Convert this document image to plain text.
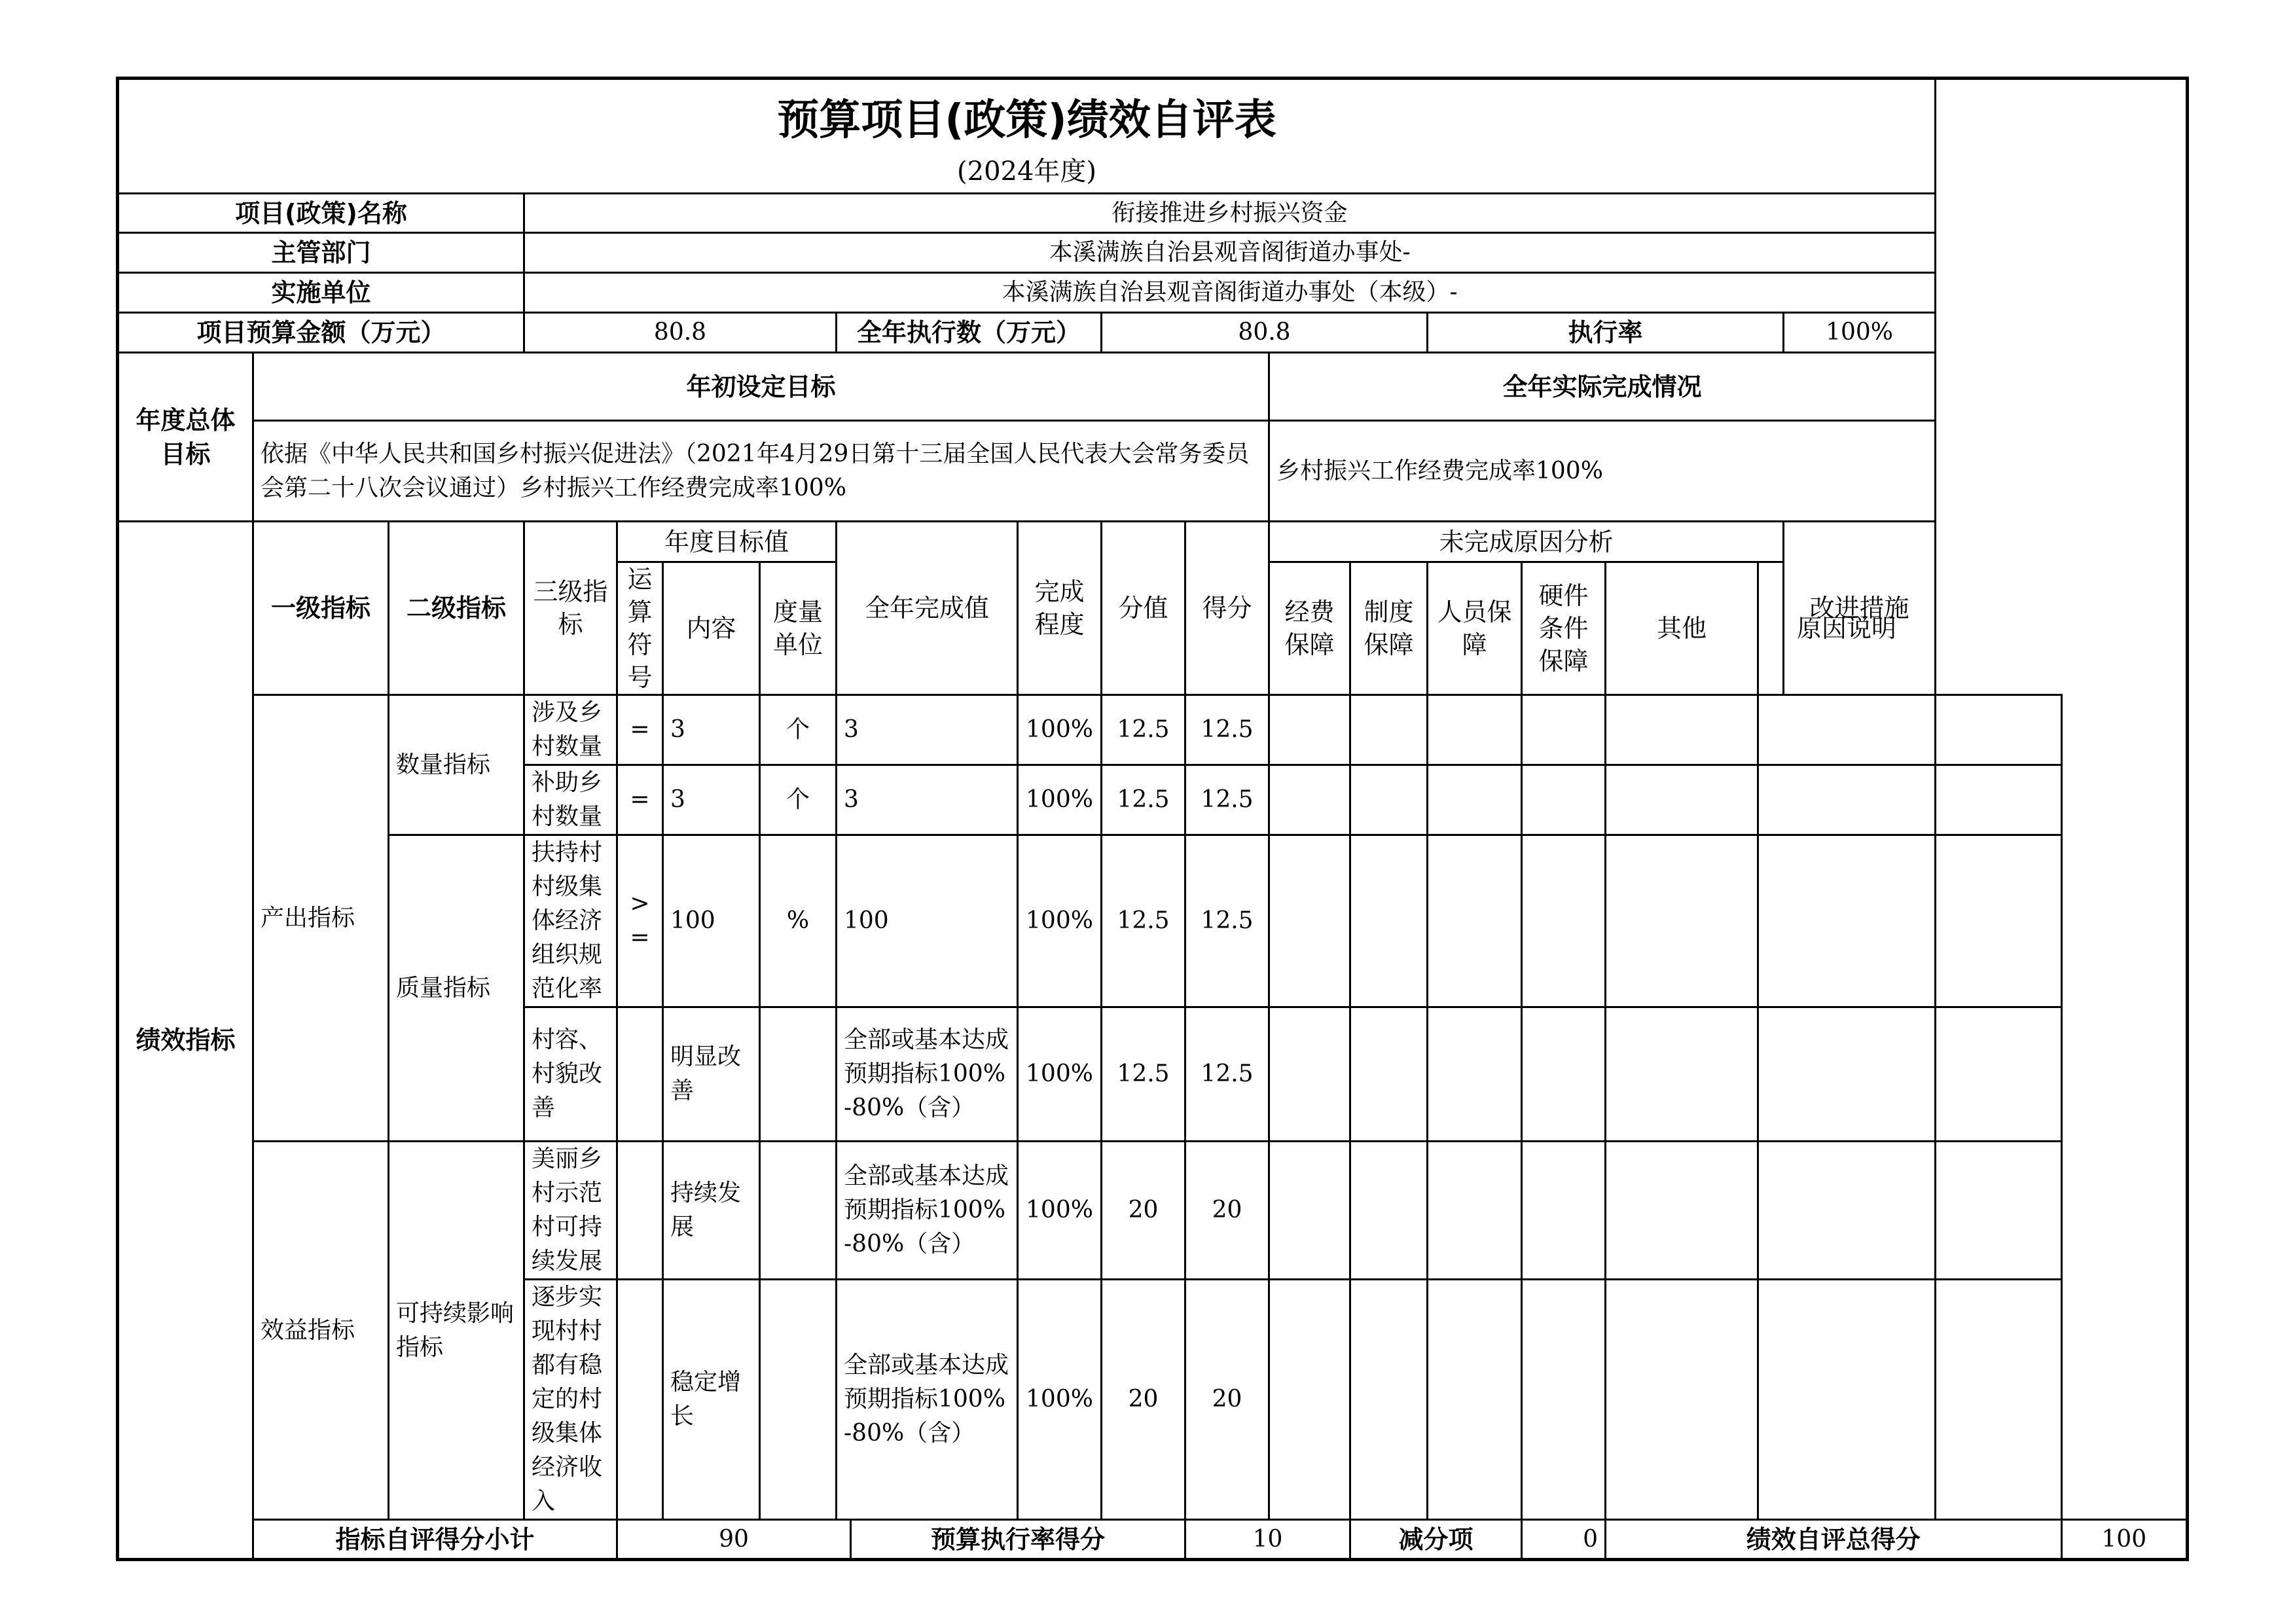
预算项目(政策)绩效自评表																				
(2024年度)																				
项目(政策)名称			衔接推进乡村振兴资金																	
主管部门			本溪满族自治县观音阁街道办事处-																	
实施单位			本溪满族自治县观音阁街道办事处（本级）-																	
项目预算金额（万元）			80.8				全年执行数（万元）			80.8				执行率				100%		
年度总体目标	年初设定目标											全年实际完成情况								
	依据《中华人民共和国乡村振兴促进法》（2021年4月29日第十三届全国人民代表大会常务委员会第二十八次会议通过）乡村振兴工作经费完成率100%											乡村振兴工作经费完成率100%								
绩效指标	一级指标	二级指标	三级指标	年度目标值			全年完成值		完成程度	分值	得分	未完成原因分析						改进措施		
				运算符号	内容	度量单位						经费保障	制度保障	人员保障	硬件条件保障	其他	原因说明			
	产出指标	数量指标	涉及乡村数量	=	3	个	3		100%	12.5	12.5									
			补助乡村数量	=	3	个	3		100%	12.5	12.5									
		质量指标	扶持村村级集体经济组织规范化率	>=	100	%	100		100%	12.5	12.5									
			村容、村貌改善		明显改善		全部或基本达成预期指标100%-80%（含）		100%	12.5	12.5									
	效益指标	可持续影响指标	美丽乡村示范村可持续发展		持续发展		全部或基本达成预期指标100%-80%（含）		100%	20	20									
			逐步实现村村都有稳定的村级集体经济收入		稳定增长		全部或基本达成预期指标100%-80%（含）		100%	20	20									
	指标自评得分小计			90				预算执行率得分			10		减分项		0	绩效自评总得分				100
